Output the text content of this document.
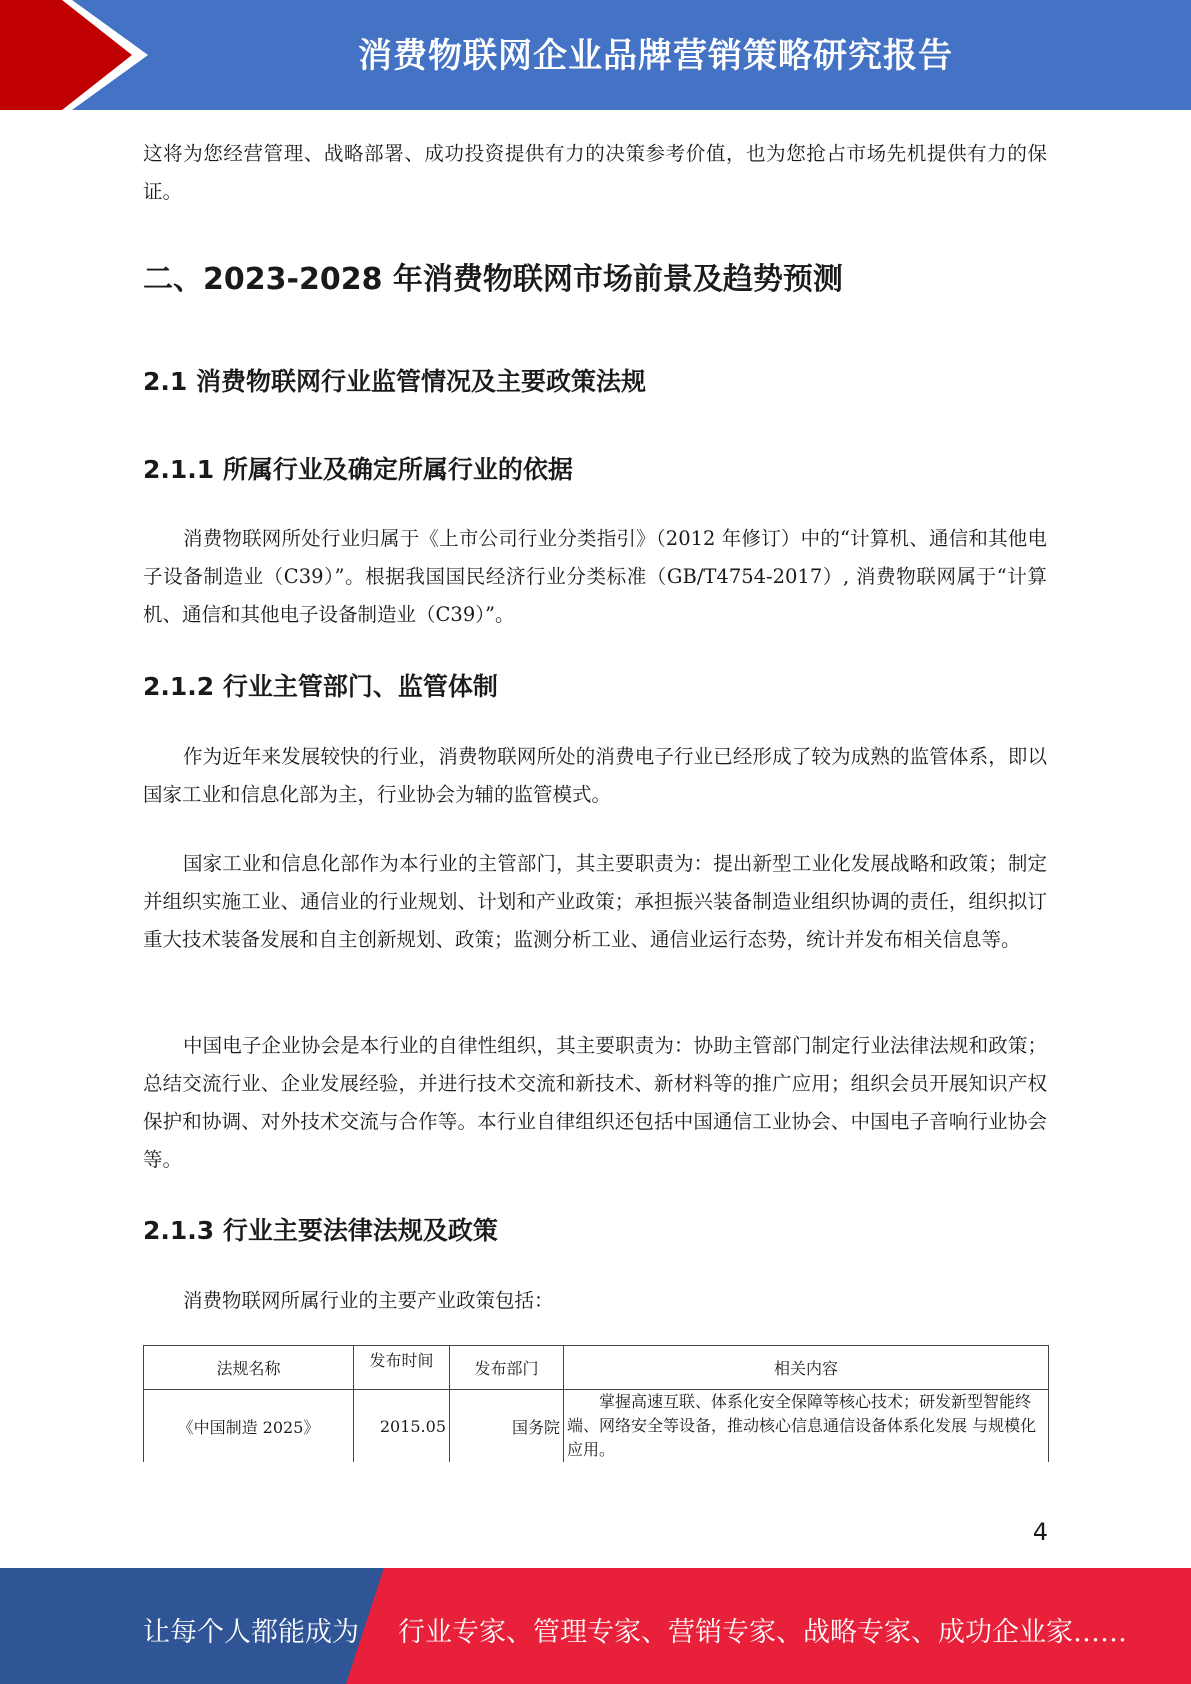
消费物联网企业品牌营销策略研究报告

这将为您经营管理、战略部署、成功投资提供有力的决策参考价值，也为您抢占市场先机提供有力的保证。

二、2023-2028 年消费物联网市场前景及趋势预测
2.1 消费物联网行业监管情况及主要政策法规
2.1.1 所属行业及确定所属行业的依据

消费物联网所处行业归属于《上市公司行业分类指引》（2012 年修订）中的“计算机、通信和其他电子设备制造业（C39）”。根据我国国民经济行业分类标准（GB/T4754-2017）, 消费物联网属于“计算机、通信和其他电子设备制造业（C39）”。

2.1.2 行业主管部门、监管体制

作为近年来发展较快的行业，消费物联网所处的消费电子行业已经形成了较为成熟的监管体系，即以国家工业和信息化部为主，行业协会为辅的监管模式。

国家工业和信息化部作为本行业的主管部门，其主要职责为：提出新型工业化发展战略和政策；制定并组织实施工业、通信业的行业规划、计划和产业政策；承担振兴装备制造业组织协调的责任，组织拟订重大技术装备发展和自主创新规划、政策；监测分析工业、通信业运行态势，统计并发布相关信息等。

中国电子企业协会是本行业的自律性组织，其主要职责为：协助主管部门制定行业法律法规和政策；总结交流行业、企业发展经验，并进行技术交流和新技术、新材料等的推广应用；组织会员开展知识产权保护和协调、对外技术交流与合作等。本行业自律组织还包括中国通信工业协会、中国电子音响行业协会等。

2.1.3 行业主要法律法规及政策

消费物联网所属行业的主要产业政策包括：

法规名称	发布时间	发布部门	相关内容
《中国制造 2025》	2015.05	国务院	掌握高速互联、体系化安全保障等核心技术；研发新型智能终端、网络安全等设备，推动核心信息通信设备体系化发展 与规模化应用。
4
让每个人都能成为 行业专家、管理专家、营销专家、战略专家、成功企业家……
